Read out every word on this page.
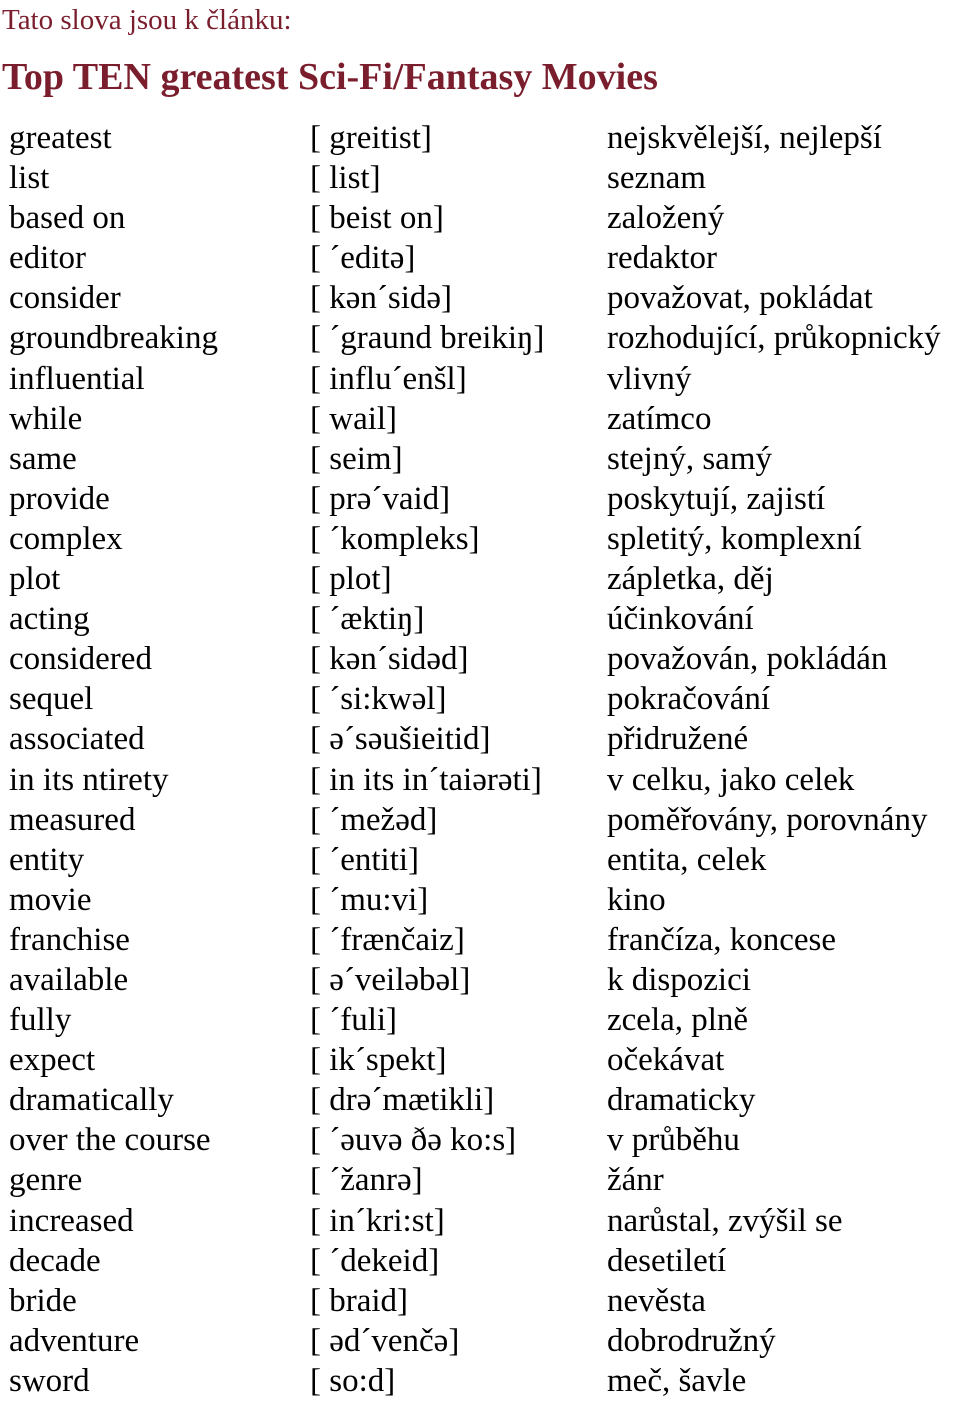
Tato slova jsou k článku:
Top TEN greatest Sci-Fi/Fantasy Movies
greatest	[ greitist]	nejskvělejší, nejlepší
list	[ list]	seznam
based on	[ beist on]	založený
editor	[ ´editə]	redaktor
consider	[ kən´sidə]	považovat, pokládat
groundbreaking	[ ´graund breikiŋ] rozhodující, průkopnický
influential	[ influ´enšl]	vlivný
while	[ wail]	zatímco
same	[ seim]	stejný, samý
provide	[ prə´vaid]	poskytují, zajistí
complex	[ ´kompleks]	spletitý, komplexní
plot	[ plot]	zápletka, děj
acting	[ ´æktiŋ]	účinkování
considered	[ kən´sidəd]	považován, pokládán
sequel	[ ´si:kwəl]	pokračování
associated	[ ə´səušieitid]	přidružené
in its ntirety	[ in its in´taiərəti] v celku, jako celek
measured	[ ´mežəd]	poměřovány, porovnány
entity	[ ´entiti]	entita, celek
movie	[ ´mu:vi]	kino
franchise	[ ´frænčaiz]	frančíza, koncese
available	[ ə´veiləbəl]	k dispozici
fully	[ ´fuli]	zcela, plně
expect	[ ik´spekt]	očekávat
dramatically	[ drə´mætikli]	dramaticky
over the course	[ ´əuvə ðə ko:s]	v průběhu
genre	[ ´žanrə]	žánr
increased	[ in´kri:st]	narůstal, zvýšil se
decade	[ ´dekeid]	desetiletí
bride	[ braid]	nevěsta
adventure	[ əd´venčə]	dobrodružný
sword	[ so:d]	meč, šavle
